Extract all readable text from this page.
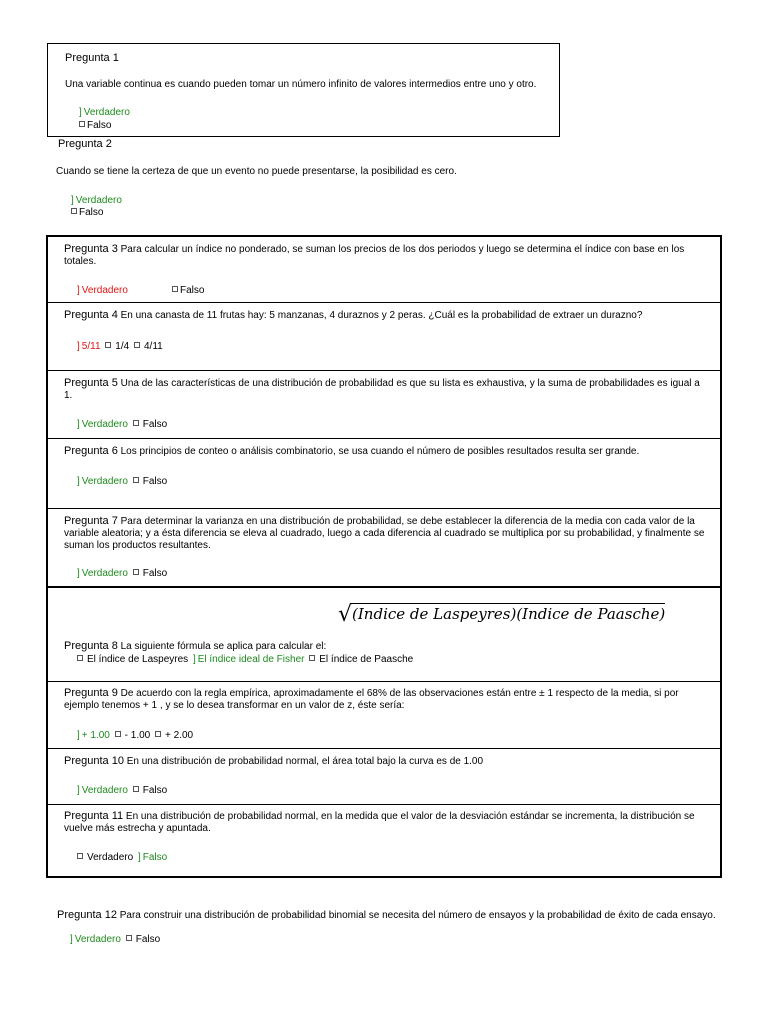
Pregunta 1
Una variable continua es cuando pueden tomar un número infinito de valores intermedios entre uno y otro.
] Verdadero
Falso
Pregunta 2
Cuando se tiene la certeza de que un evento no puede presentarse, la posibilidad es cero.
] Verdadero
Falso
Pregunta 3 Para calcular un índice no ponderado, se suman los precios de los dos periodos y luego se determina el índice con base en los totales.
] Verdadero	Falso
Pregunta 4 En una canasta de 11 frutas hay: 5 manzanas, 4 duraznos y 2 peras. ¿Cuál es la probabilidad de extraer un durazno?
] 5/11 1/4 4/11
Pregunta 5 Una de las características de una distribución de probabilidad es que su lista es exhaustiva, y la suma de probabilidades es igual a 1.
] Verdadero Falso
Pregunta 6 Los principios de conteo o análisis combinatorio, se usa cuando el número de posibles resultados resulta ser grande.
] Verdadero Falso
Pregunta 7 Para determinar la varianza en una distribución de probabilidad, se debe establecer la diferencia de la media con cada valor de la variable aleatoria; y a ésta diferencia se eleva al cuadrado, luego a cada diferencia al cuadrado se multiplica por su probabilidad, y finalmente se suman los productos resultantes.
] Verdadero Falso
√(Indice de Laspeyres)(Indice de Paasche)
Pregunta 8 La siguiente fórmula se aplica para calcular el:
El índice de Laspeyres ] El índice ideal de Fisher El índice de Paasche
Pregunta 9 De acuerdo con la regla empírica, aproximadamente el 68% de las observaciones están entre ± 1 respecto de la media, si por ejemplo tenemos + 1 , y se lo desea transformar en un valor de z, éste sería:
] + 1.00 - 1.00 + 2.00
Pregunta 10 En una distribución de probabilidad normal, el área total bajo la curva es de 1.00
] Verdadero Falso
Pregunta 11 En una distribución de probabilidad normal, en la medida que el valor de la desviación estándar se incrementa, la distribución se vuelve más estrecha y apuntada.
Verdadero ] Falso
Pregunta 12 Para construir una distribución de probabilidad binomial se necesita del número de ensayos y la probabilidad de éxito de cada ensayo.
] Verdadero Falso
